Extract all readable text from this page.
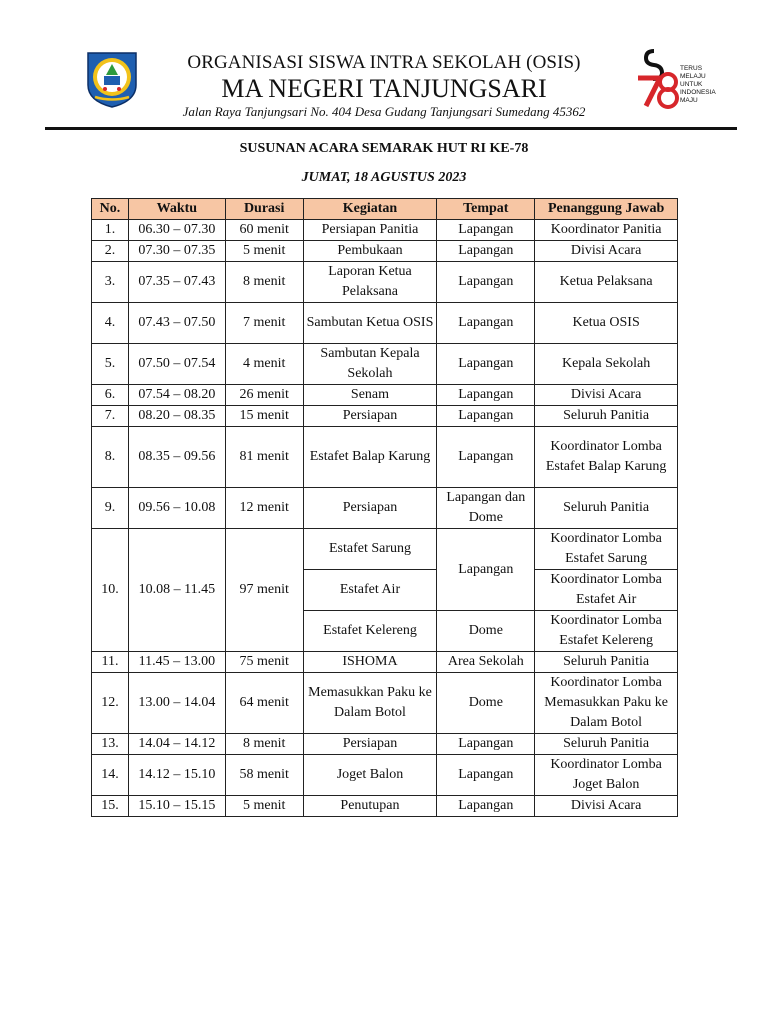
ORGANISASI SISWA INTRA SEKOLAH (OSIS)
MA NEGERI TANJUNGSARI
Jalan Raya Tanjungsari No. 404 Desa Gudang Tanjungsari Sumedang 45362
TERUS
MELAJU
UNTUK
INDONESIA
MAJU
SUSUNAN ACARA SEMARAK HUT RI KE-78
JUMAT, 18 AGUSTUS 2023
No.	Waktu	Durasi	Kegiatan	Tempat	Penanggung Jawab
1.	06.30 – 07.30	60 menit	Persiapan Panitia	Lapangan	Koordinator Panitia
2.	07.30 – 07.35	5 menit	Pembukaan	Lapangan	Divisi Acara
3.	07.35 – 07.43	8 menit	Laporan Ketua Pelaksana	Lapangan	Ketua Pelaksana
4.	07.43 – 07.50	7 menit	Sambutan Ketua OSIS	Lapangan	Ketua OSIS
5.	07.50 – 07.54	4 menit	Sambutan Kepala Sekolah	Lapangan	Kepala Sekolah
6.	07.54 – 08.20	26 menit	Senam	Lapangan	Divisi Acara
7.	08.20 – 08.35	15 menit	Persiapan	Lapangan	Seluruh Panitia
8.	08.35 – 09.56	81 menit	Estafet Balap Karung	Lapangan	Koordinator Lomba Estafet Balap Karung
9.	09.56 – 10.08	12 menit	Persiapan	Lapangan dan Dome	Seluruh Panitia
10.	10.08 – 11.45	97 menit	Estafet Sarung	Lapangan	Koordinator Lomba Estafet Sarung
			Estafet Air		Koordinator Lomba Estafet Air
			Estafet Kelereng	Dome	Koordinator Lomba Estafet Kelereng
11.	11.45 – 13.00	75 menit	ISHOMA	Area Sekolah	Seluruh Panitia
12.	13.00 – 14.04	64 menit	Memasukkan Paku ke Dalam Botol	Dome	Koordinator Lomba Memasukkan Paku ke Dalam Botol
13.	14.04 – 14.12	8 menit	Persiapan	Lapangan	Seluruh Panitia
14.	14.12 – 15.10	58 menit	Joget Balon	Lapangan	Koordinator Lomba Joget Balon
15.	15.10 – 15.15	5 menit	Penutupan	Lapangan	Divisi Acara
